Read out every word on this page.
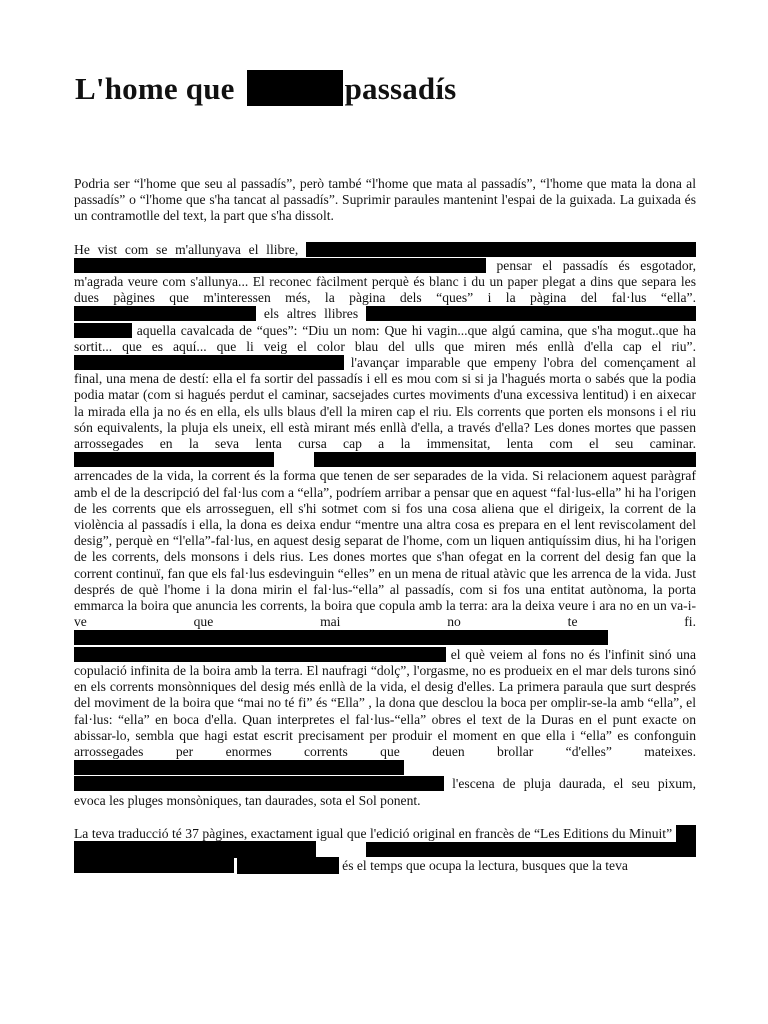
L'home que	passadís

Podria ser “l'home que seu al passadís”, però també “l'home que mata al passadís”, “l'home que mata la dona al passadís” o “l'home que s'ha tancat al passadís”. Suprimir paraules mantenint l'espai de la guixada. La guixada és un contramotlle del text, la part que s'ha dissolt.

He vist com se m'allunyava el llibre,   pensar el passadís és esgotador, m'agrada veure com s'allunya... El reconec fàcilment perquè és blanc i du un paper plegat a dins que separa les dues pàgines que m'interessen més, la pàgina dels “ques” i la pàgina del fal·lus “ella”.  els altres llibres   aquella cavalcada de “ques”: “Diu un nom: Que hi vagin...que algú camina, que s'ha mogut..que ha sortit... que es aquí... que li veig el color blau del ulls que miren més enllà d'ella cap el riu”.  l'avançar imparable que empeny l'obra del començament al final, una mena de destí: ella el fa sortir del passadís i ell es mou com si si ja l'hagués morta o sabés que la podia podia matar (com si hagués perdut el caminar, sacsejades curtes moviments d'una excessiva lentitud) i en aixecar la mirada ella ja no és en ella, els ulls blaus d'ell la miren cap el riu. Els corrents que porten els monsons i el riu són equivalents, la pluja els uneix, ell està mirant més enllà d'ella, a través d'ella? Les dones mortes que passen arrossegades en la seva lenta cursa cap a la immensitat, lenta com el seu caminar.   arrencades de la vida, la corrent és la forma que tenen de ser separades de la vida. Si relacionem aquest paràgraf amb el de la descripció del fal·lus com a “ella”, podríem arribar a pensar que en aquest “fal·lus-ella” hi ha l'origen de les corrents que els arrosseguen, ell s'hi sotmet com si fos una cosa aliena que el dirigeix, la corrent de la violència al passadís i ella, la dona es deixa endur “mentre una altra cosa es prepara en el lent reviscolament del desig”, perquè en “l'ella”-fal·lus, en aquest desig separat de l'home, com un liquen antiquíssim dius, hi ha l'origen de les corrents, dels monsons i dels rius. Les dones mortes que s'han ofegat en la corrent del desig fan que la corrent continuï, fan que els fal·lus esdevinguin “elles” en un mena de ritual atàvic que les arrenca de la vida. Just després de què l'home i la dona mirin el fal·lus-“ella” al passadís, com si fos una entitat autònoma, la porta emmarca la boira que anuncia les corrents, la boira que copula amb la terra: ara la deixa veure i ara no en un va-i-ve que mai no te fi.   el què veiem al fons no és l'infinit sinó una copulació infinita de la boira amb la terra. El naufragi “dolç”, l'orgasme, no es produeix en el mar dels turons sinó en els corrents monsònniques del desig més enllà de la vida, el desig d'elles. La primera paraula que surt després del moviment de la boira que “mai no té fi” és “Ella” , la dona que desclou la boca per omplir-se-la amb “ella”, el fal·lus: “ella” en boca d'ella. Quan interpretes el fal·lus-“ella” obres el text de la Duras en el punt exacte on abissar-lo, sembla que hagi estat escrit precisament per produir el moment en que ella i “ella” es confonguin arrossegades per enormes corrents que deuen brollar “d'elles” mateixes.   l'escena de pluja daurada, el seu pixum, evoca les pluges monsòniques, tan daurades, sota el Sol ponent.

La teva traducció té 37 pàgines, exactament igual que l'edició original en francès de “Les Editions du Minuit”   és el temps que ocupa la lectura, busques que la teva
